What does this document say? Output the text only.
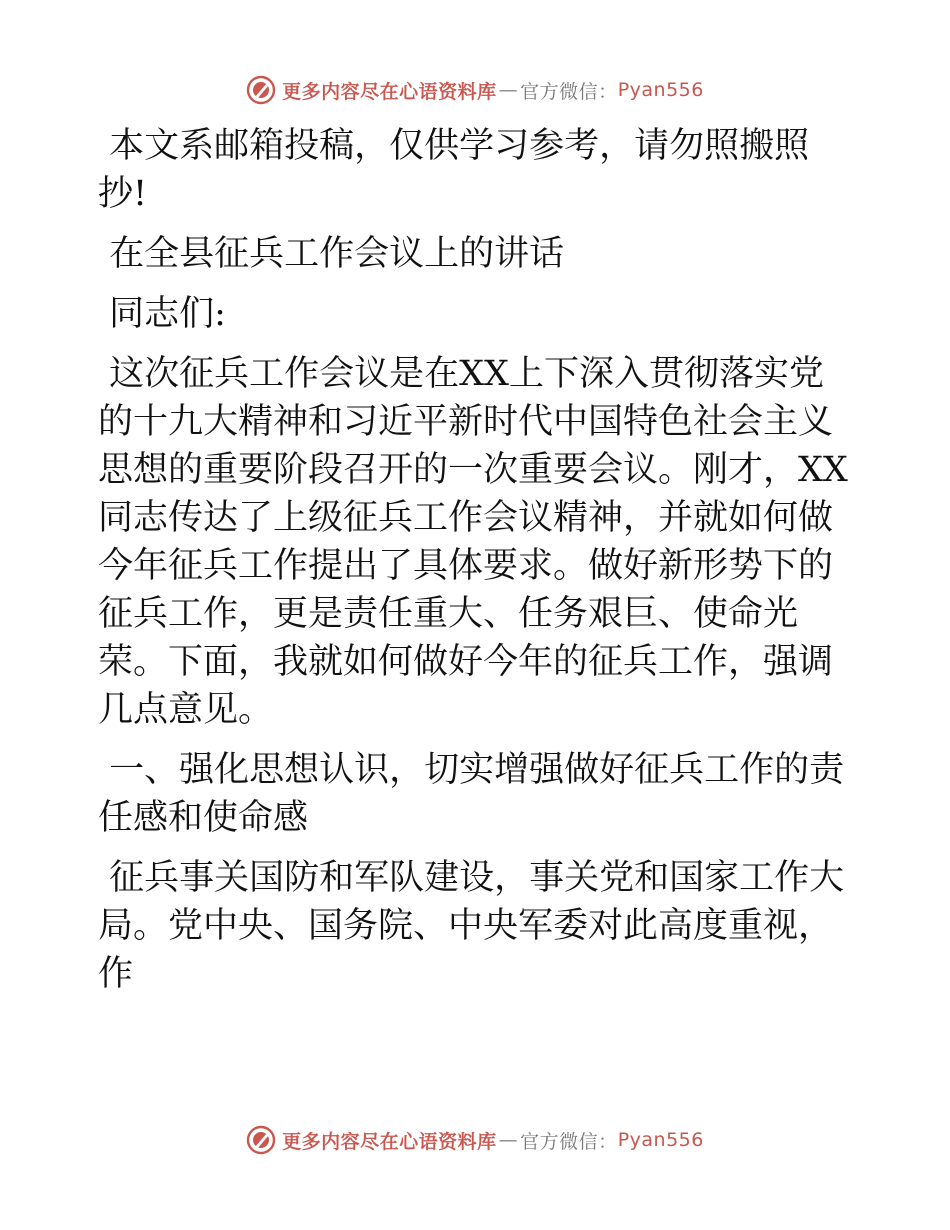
更多内容尽在心语资料库 — 官方微信： Pyan556

本文系邮箱投稿，仅供学习参考，请勿照搬照抄!

在全县征兵工作会议上的讲话

同志们:

这次征兵工作会议是在XX上下深入贯彻落实党的十九大精神和习近平新时代中国特色社会主义思想的重要阶段召开的一次重要会议。刚才，XX同志传达了上级征兵工作会议精神，并就如何做今年征兵工作提出了具体要求。做好新形势下的征兵工作，更是责任重大、任务艰巨、使命光荣。下面，我就如何做好今年的征兵工作，强调几点意见。

一、强化思想认识，切实增强做好征兵工作的责任感和使命感

征兵事关国防和军队建设，事关党和国家工作大局。党中央、国务院、中央军委对此高度重视，作

更多内容尽在心语资料库 — 官方微信： Pyan556
